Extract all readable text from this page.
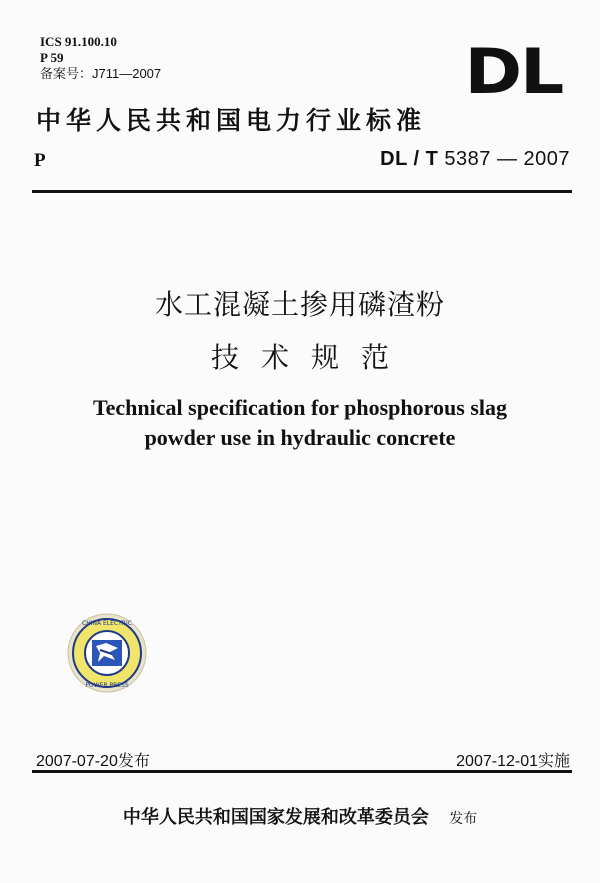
ICS 91.100.10
P 59
备案号：J711—2007	DL
中华人民共和国电力行业标准
P	DL / T 5387 — 2007
水工混凝土掺用磷渣粉
技术规范
Technical specification for phosphorous slag
powder use in hydraulic concrete
CHINA ELECTRIC
POWER PRESS
2007-07-20发布	2007-12-01实施
中华人民共和国国家发展和改革委员会 发布
